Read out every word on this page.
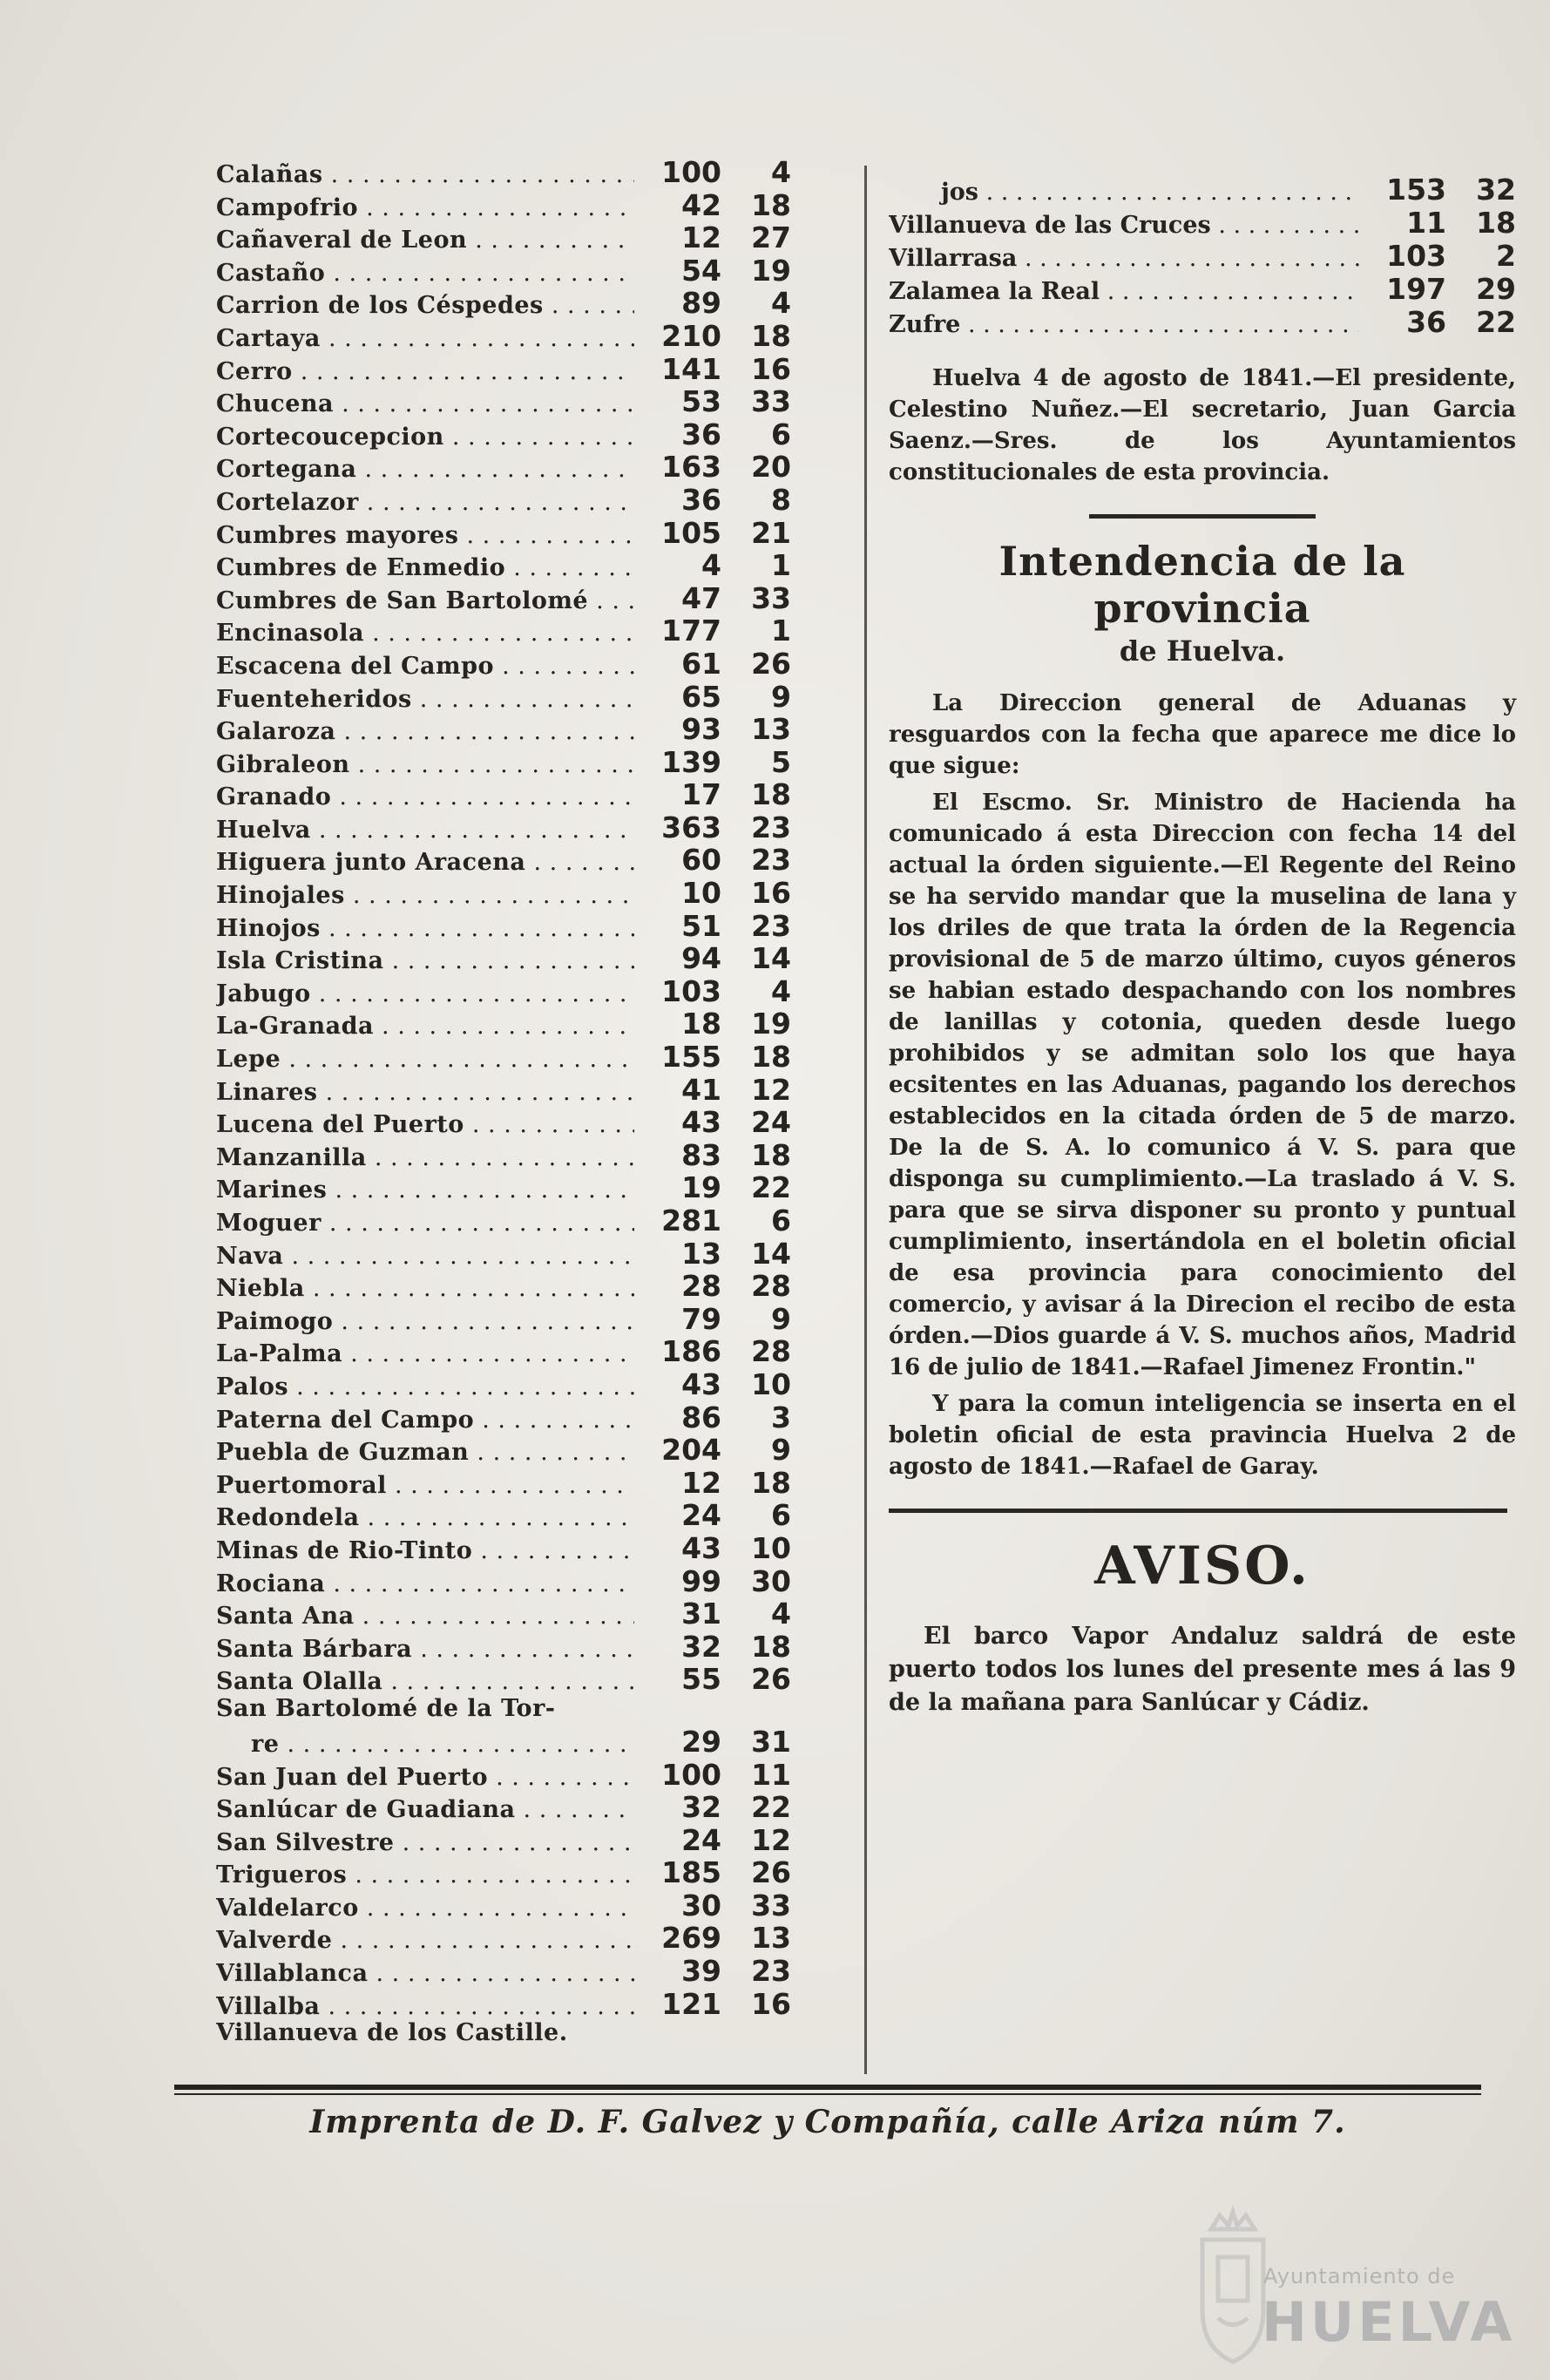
Calañas . . .	100	4
Campofrio . . .	42	18
Cañaveral de Leon . . .	12	27
Castaño . . .	54	19
Carrion de los Céspedes . . .	89	4
Cartaya . . .	210	18
Cerro . . .	141	16
Chucena . . .	53	33
Cortecoucepcion . . .	36	6
Cortegana . . .	163	20
Cortelazor . . .	36	8
Cumbres mayores . . .	105	21
Cumbres de Enmedio . . .	4	1
Cumbres de San Bartolomé . . .	47	33
Encinasola . . .	177	1
Escacena del Campo . . .	61	26
Fuenteheridos . . .	65	9
Galaroza . . .	93	13
Gibraleon . . .	139	5
Granado . . .	17	18
Huelva . . .	363	23
Higuera junto Aracena . . .	60	23
Hinojales . . .	10	16
Hinojos . . .	51	23
Isla Cristina . . .	94	14
Jabugo . . .	103	4
La-Granada . . .	18	19
Lepe . . .	155	18
Linares . . .	41	12
Lucena del Puerto . . .	43	24
Manzanilla . . .	83	18
Marines . . .	19	22
Moguer . . .	281	6
Nava . . .	13	14
Niebla . . .	28	28
Paimogo . . .	79	9
La-Palma . . .	186	28
Palos . . .	43	10
Paterna del Campo . . .	86	3
Puebla de Guzman . . .	204	9
Puertomoral . . .	12	18
Redondela . . .	24	6
Minas de Rio-Tinto . . .	43	10
Rociana . . .	99	30
Santa Ana . . .	31	4
Santa Bárbara . . .	32	18
Santa Olalla . . .	55	26
San Bartolomé de la Tor-
re . . .	29	31
San Juan del Puerto . . .	100	11
Sanlúcar de Guadiana . . .	32	22
San Silvestre . . .	24	12
Trigueros . . .	185	26
Valdelarco . . .	30	33
Valverde . . .	269	13
Villablanca . . .	39	23
Villalba . . .	121	16
Villanueva de los Castille.
jos . . .	153	32
Villanueva de las Cruces . . .	11	18
Villarrasa . . .	103	2
Zalamea la Real . . .	197	29
Zufre . . .	36	22

Huelva 4 de agosto de 1841.—El presidente, Celestino Nuñez.—El secretario, Juan Garcia Saenz.—Sres. de los Ayuntamientos constitucionales de esta provincia.

Intendencia de la provincia
de Huelva.

La Direccion general de Aduanas y resguardos con la fecha que aparece me dice lo que sigue:

El Escmo. Sr. Ministro de Hacienda ha comunicado á esta Direccion con fecha 14 del actual la órden siguiente.—El Regente del Reino se ha servido mandar que la muselina de lana y los driles de que trata la órden de la Regencia provisional de 5 de marzo último, cuyos géneros se habian estado despachando con los nombres de lanillas y cotonia, queden desde luego prohibidos y se admitan solo los que haya ecsitentes en las Aduanas, pagando los derechos establecidos en la citada órden de 5 de marzo. De la de S. A. lo comunico á V. S. para que disponga su cumplimiento.—La traslado á V. S. para que se sirva disponer su pronto y puntual cumplimiento, insertándola en el boletin oficial de esa provincia para conocimiento del comercio, y avisar á la Direcion el recibo de esta órden.—Dios guarde á V. S. muchos años, Madrid 16 de julio de 1841.—Rafael Jimenez Frontin."

Y para la comun inteligencia se inserta en el boletin oficial de esta pravincia Huelva 2 de agosto de 1841.—Rafael de Garay.

AVISO.

El barco Vapor Andaluz saldrá de este puerto todos los lunes del presente mes á las 9 de la mañana para Sanlúcar y Cádiz.

Imprenta de D. F. Galvez y Compañía, calle Ariza núm 7.
Ayuntamiento de
HUELVA
